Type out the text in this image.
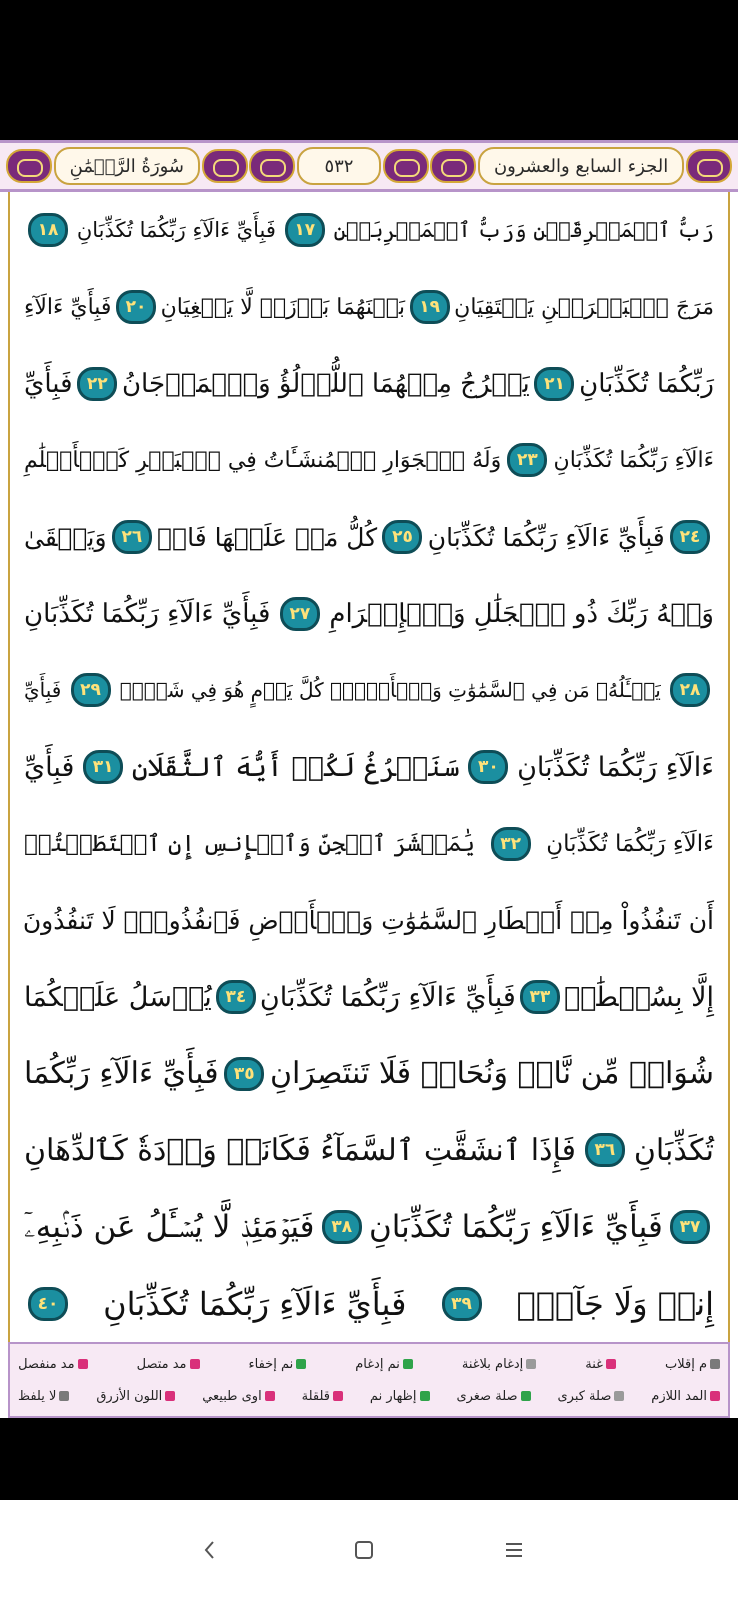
سُورَةُ الرَّحۡمَٰنِ	٥٣٢	الجزء السابع والعشرون
رَبُّ ٱلۡمَشۡرِقَيۡنِ وَرَبُّ ٱلۡمَغۡرِبَيۡنِ
١٧
فَبِأَيِّ ءَالَآءِ رَبِّكُمَا تُكَذِّبَانِ
١٨
مَرَجَ ٱلۡبَحۡرَيۡنِ يَلۡتَقِيَانِ
١٩
بَيۡنَهُمَا بَرۡزَخٞ لَّا يَبۡغِيَانِ
٢٠
فَبِأَيِّ ءَالَآءِ
رَبِّكُمَا تُكَذِّبَانِ
٢١
يَخۡرُجُ مِنۡهُمَا ٱللُّؤۡلُؤُ وَٱلۡمَرۡجَانُ
٢٢
فَبِأَيِّ
ءَالَآءِ رَبِّكُمَا تُكَذِّبَانِ
٢٣
وَلَهُ ٱلۡجَوَارِ ٱلۡمُنشَـَٔاتُ فِي ٱلۡبَحۡرِ كَٱلۡأَعۡلَٰمِ
٢٤
فَبِأَيِّ ءَالَآءِ رَبِّكُمَا تُكَذِّبَانِ
٢٥
كُلُّ مَنۡ عَلَيۡهَا فَانٖ
٢٦
وَيَبۡقَىٰ
وَجۡهُ رَبِّكَ ذُو ٱلۡجَلَٰلِ وَٱلۡإِكۡرَامِ
٢٧
فَبِأَيِّ ءَالَآءِ رَبِّكُمَا تُكَذِّبَانِ
٢٨
يَسۡـَٔلُهُۥ مَن فِي ٱلسَّمَٰوَٰتِ وَٱلۡأَرۡضِۚ كُلَّ يَوۡمٍ هُوَ فِي شَأۡنٖ
٢٩
فَبِأَيِّ
ءَالَآءِ رَبِّكُمَا تُكَذِّبَانِ
٣٠
سَنَفۡرُغُ لَكُمۡ أَيُّهَ ٱلثَّقَلَانِ
٣١
فَبِأَيِّ
ءَالَآءِ رَبِّكُمَا تُكَذِّبَانِ
٣٢
يَٰمَعۡشَرَ ٱلۡجِنِّ وَٱلۡإِنسِ إِنِ ٱسۡتَطَعۡتُمۡ
أَن تَنفُذُواْ مِنۡ أَقۡطَارِ ٱلسَّمَٰوَٰتِ وَٱلۡأَرۡضِ فَٱنفُذُواْۚ لَا تَنفُذُونَ
إِلَّا بِسُلۡطَٰنٖ
٣٣
فَبِأَيِّ ءَالَآءِ رَبِّكُمَا تُكَذِّبَانِ
٣٤
يُرۡسَلُ عَلَيۡكُمَا
شُوَاظٞ مِّن نَّارٖ وَنُحَاسٞ فَلَا تَنتَصِرَانِ
٣٥
فَبِأَيِّ ءَالَآءِ رَبِّكُمَا
تُكَذِّبَانِ
٣٦
فَإِذَا ٱنشَقَّتِ ٱلسَّمَآءُ فَكَانَتۡ وَرۡدَةٗ كَٱلدِّهَانِ
٣٧
فَبِأَيِّ ءَالَآءِ رَبِّكُمَا تُكَذِّبَانِ
٣٨
فَيَوۡمَئِذٖ لَّا يُسۡـَٔلُ عَن ذَنۢبِهِۦٓ
إِنسٞ وَلَا جَآنّٞ
٣٩
فَبِأَيِّ ءَالَآءِ رَبِّكُمَا تُكَذِّبَانِ
٤٠
م إقلاب
غنة
إدغام بلاغنة
نم إدغام
نم إخفاء
مد متصل
مد منفصل
المد اللازم
صلة كبرى
صلة صغرى
إظهار نم
قلقلة
اوى طبيعي
اللون الأزرق
لا يلفظ
